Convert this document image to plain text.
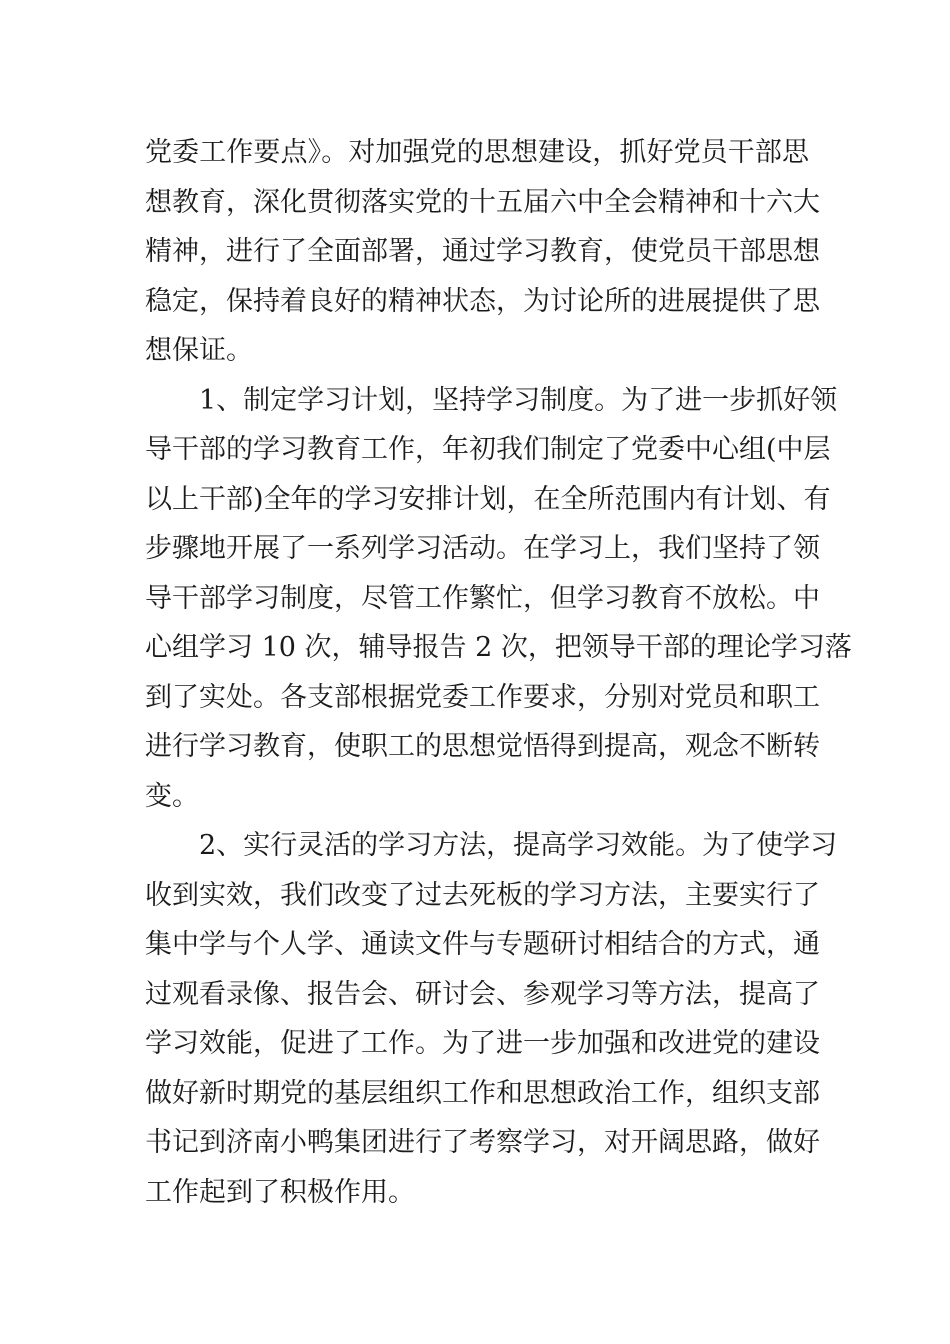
党委工作要点》。对加强党的思想建设，抓好党员干部思
想教育，深化贯彻落实党的十五届六中全会精神和十六大
精神，进行了全面部署，通过学习教育，使党员干部思想
稳定，保持着良好的精神状态，为讨论所的进展提供了思
想保证。
1、制定学习计划，坚持学习制度。为了进一步抓好领
导干部的学习教育工作，年初我们制定了党委中心组(中层
以上干部)全年的学习安排计划，在全所范围内有计划、有
步骤地开展了一系列学习活动。在学习上，我们坚持了领
导干部学习制度，尽管工作繁忙，但学习教育不放松。中
心组学习 10 次，辅导报告 2 次，把领导干部的理论学习落
到了实处。各支部根据党委工作要求，分别对党员和职工
进行学习教育，使职工的思想觉悟得到提高，观念不断转
变。
2、实行灵活的学习方法，提高学习效能。为了使学习
收到实效，我们改变了过去死板的学习方法，主要实行了
集中学与个人学、通读文件与专题研讨相结合的方式，通
过观看录像、报告会、研讨会、参观学习等方法，提高了
学习效能，促进了工作。为了进一步加强和改进党的建设
做好新时期党的基层组织工作和思想政治工作，组织支部
书记到济南小鸭集团进行了考察学习，对开阔思路，做好
工作起到了积极作用。
